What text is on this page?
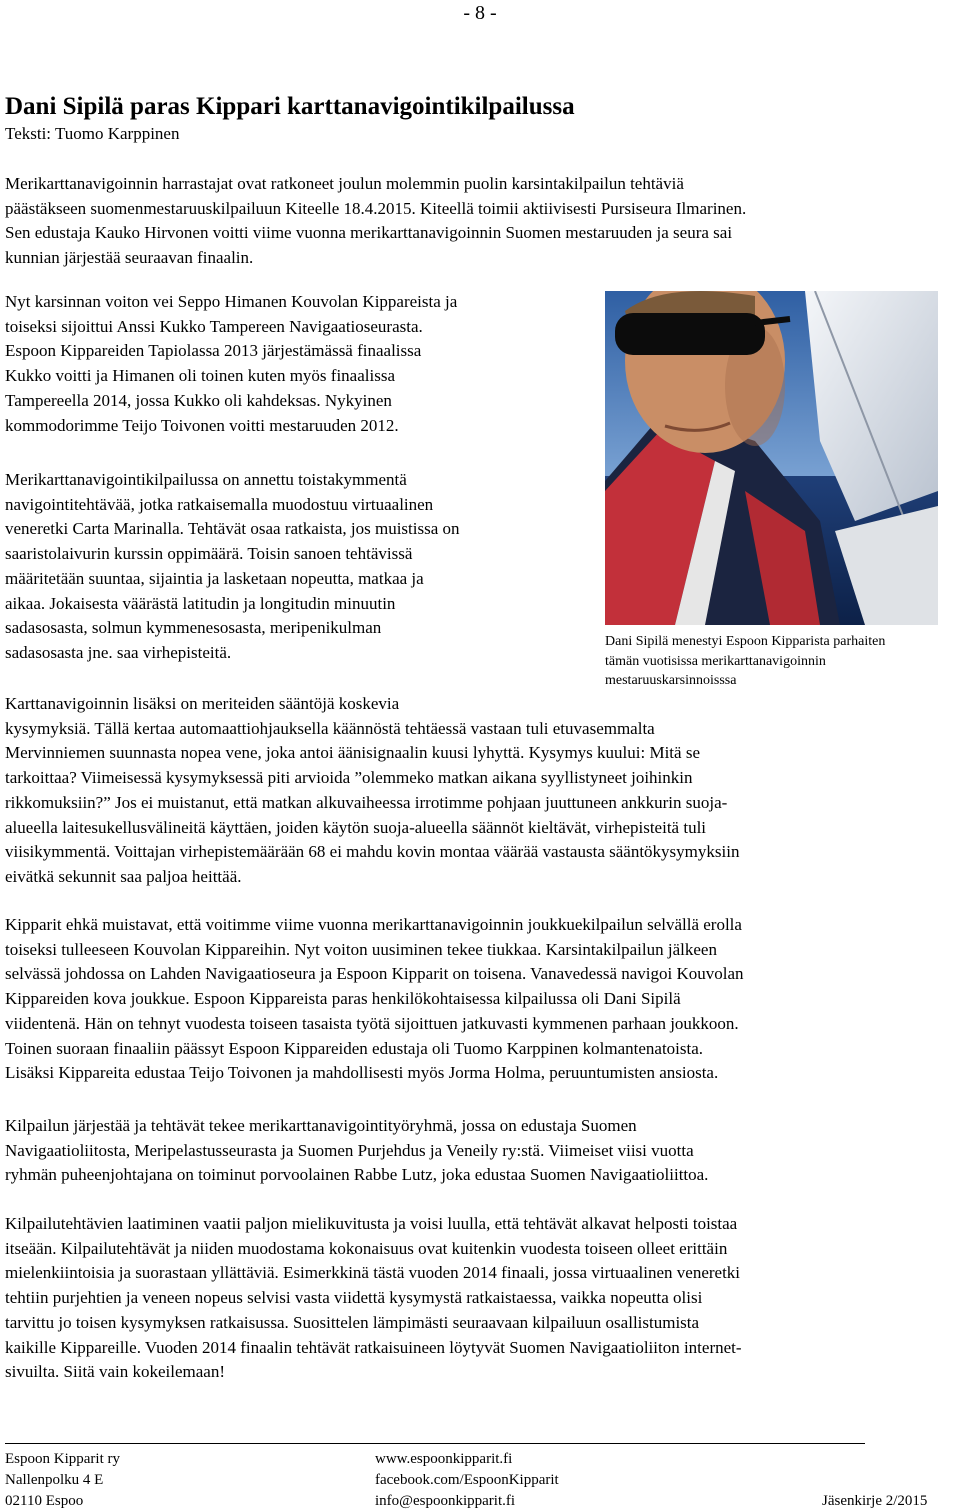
- 8 -
Dani Sipilä paras Kippari karttanavigointikilpailussa
Teksti: Tuomo Karppinen
Merikarttanavigoinnin harrastajat ovat ratkoneet joulun molemmin puolin karsintakilpailun tehtäviä
päästäkseen suomenmestaruuskilpailuun Kiteelle 18.4.2015. Kiteellä toimii aktiivisesti Pursiseura Ilmarinen.
Sen edustaja Kauko Hirvonen voitti viime vuonna merikarttanavigoinnin Suomen mestaruuden ja seura sai
kunnian järjestää seuraavan finaalin.
Nyt karsinnan voiton vei Seppo Himanen Kouvolan Kippareista ja
toiseksi sijoittui Anssi Kukko Tampereen Navigaatioseurasta.
Espoon Kippareiden Tapiolassa 2013 järjestämässä finaalissa
Kukko voitti ja Himanen oli toinen kuten myös finaalissa
Tampereella 2014, jossa Kukko oli kahdeksas. Nykyinen
kommodorimme Teijo Toivonen voitti mestaruuden 2012.
Dani Sipilä menestyi Espoon Kipparista parhaiten
tämän vuotisissa merikarttanavigoinnin
mestaruuskarsinnoisssa
Merikarttanavigointikilpailussa on annettu toistakymmentä
navigointitehtävää, jotka ratkaisemalla muodostuu virtuaalinen
veneretki Carta Marinalla. Tehtävät osaa ratkaista, jos muistissa on
saaristolaivurin kurssin oppimäärä. Toisin sanoen tehtävissä
määritetään suuntaa, sijaintia ja lasketaan nopeutta, matkaa ja
aikaa. Jokaisesta väärästä latitudin ja longitudin minuutin
sadasosasta, solmun kymmenesosasta, meripenikulman
sadasosasta jne. saa virhepisteitä.
Karttanavigoinnin lisäksi on meriteiden sääntöjä koskevia
kysymyksiä. Tällä kertaa automaattiohjauksella käännöstä tehtäessä vastaan tuli etuvasemmalta
Mervinniemen suunnasta nopea vene, joka antoi äänisignaalin kuusi lyhyttä. Kysymys kuului: Mitä se
tarkoittaa? Viimeisessä kysymyksessä piti arvioida ”olemmeko matkan aikana syyllistyneet joihinkin
rikkomuksiin?” Jos ei muistanut, että matkan alkuvaiheessa irrotimme pohjaan juuttuneen ankkurin suoja-
alueella laitesukellusvälineitä käyttäen, joiden käytön suoja-alueella säännöt kieltävät, virhepisteitä tuli
viisikymmentä. Voittajan virhepistemäärään 68 ei mahdu kovin montaa väärää vastausta sääntökysymyksiin
eivätkä sekunnit saa paljoa heittää.
Kipparit ehkä muistavat, että voitimme viime vuonna merikarttanavigoinnin joukkuekilpailun selvällä erolla
toiseksi tulleeseen Kouvolan Kippareihin. Nyt voiton uusiminen tekee tiukkaa. Karsintakilpailun jälkeen
selvässä johdossa on Lahden Navigaatioseura ja Espoon Kipparit on toisena. Vanavedessä navigoi Kouvolan
Kippareiden kova joukkue. Espoon Kippareista paras henkilökohtaisessa kilpailussa oli Dani Sipilä
viidentenä. Hän on tehnyt vuodesta toiseen tasaista työtä sijoittuen jatkuvasti kymmenen parhaan joukkoon.
Toinen suoraan finaaliin päässyt Espoon Kippareiden edustaja oli Tuomo Karppinen kolmantenatoista.
Lisäksi Kippareita edustaa Teijo Toivonen ja mahdollisesti myös Jorma Holma, peruuntumisten ansiosta.
Kilpailun järjestää ja tehtävät tekee merikarttanavigointityöryhmä, jossa on edustaja Suomen
Navigaatioliitosta, Meripelastusseurasta ja Suomen Purjehdus ja Veneily ry:stä. Viimeiset viisi vuotta
ryhmän puheenjohtajana on toiminut porvoolainen Rabbe Lutz, joka edustaa Suomen Navigaatioliittoa.
Kilpailutehtävien laatiminen vaatii paljon mielikuvitusta ja voisi luulla, että tehtävät alkavat helposti toistaa
itseään. Kilpailutehtävät ja niiden muodostama kokonaisuus ovat kuitenkin vuodesta toiseen olleet erittäin
mielenkiintoisia ja suorastaan yllättäviä. Esimerkkinä tästä vuoden 2014 finaali, jossa virtuaalinen veneretki
tehtiin purjehtien ja veneen nopeus selvisi vasta viidettä kysymystä ratkaistaessa, vaikka nopeutta olisi
tarvittu jo toisen kysymyksen ratkaisussa. Suosittelen lämpimästi seuraavaan kilpailuun osallistumista
kaikille Kippareille. Vuoden 2014 finaalin tehtävät ratkaisuineen löytyvät Suomen Navigaatioliiton internet-
sivuilta. Siitä vain kokeilemaan!
Espoon Kipparit ry
Nallenpolku 4 E
02110 Espoo
www.espoonkipparit.fi
facebook.com/EspoonKipparit
info@espoonkipparit.fi

	Jäsenkirje 2/2015
